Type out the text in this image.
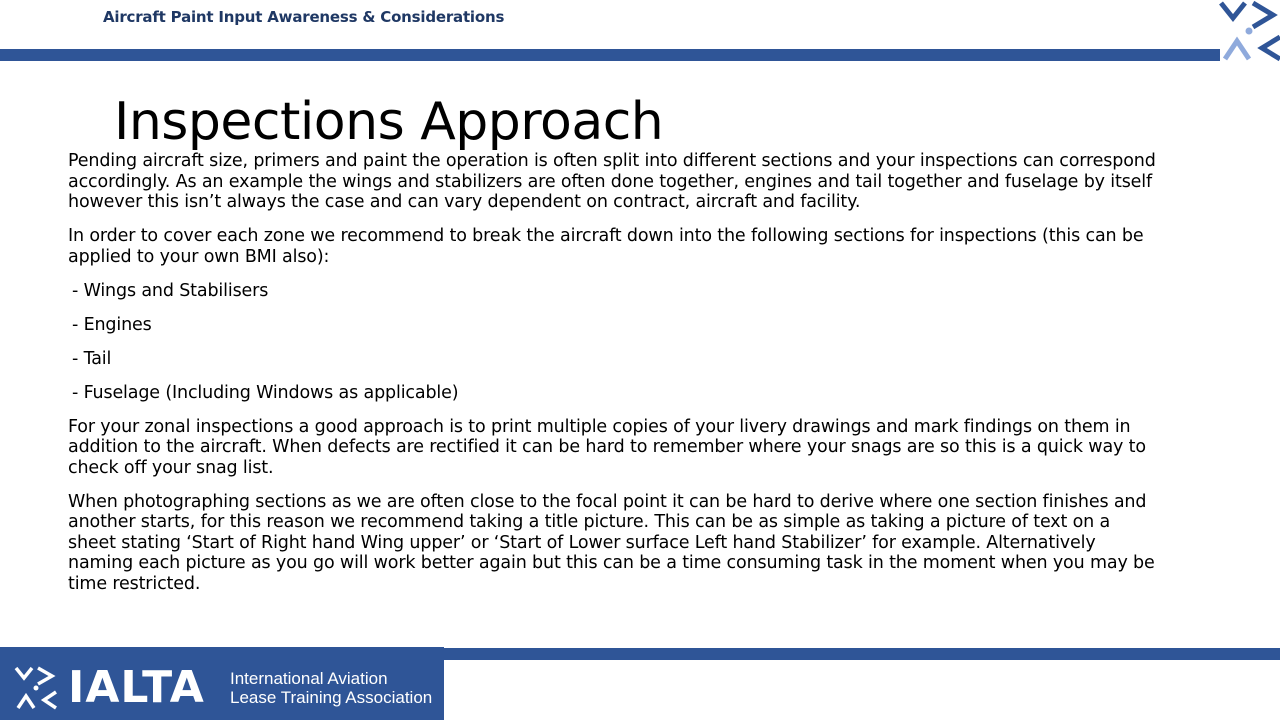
Aircraft Paint Input Awareness & Considerations
Inspections Approach

Pending aircraft size, primers and paint the operation is often split into different sections and your inspections can correspond accordingly. As an example the wings and stabilizers are often done together, engines and tail together and fuselage by itself however this isn’t always the case and can vary dependent on contract, aircraft and facility.

In order to cover each zone we recommend to break the aircraft down into the following sections for inspections (this can be applied to your own BMI also):

- Wings and Stabilisers

- Engines

- Tail

- Fuselage (Including Windows as applicable)

For your zonal inspections a good approach is to print multiple copies of your livery drawings and mark findings on them in addition to the aircraft. When defects are rectified it can be hard to remember where your snags are so this is a quick way to check off your snag list.

When photographing sections as we are often close to the focal point it can be hard to derive where one section finishes and another starts, for this reason we recommend taking a title picture. This can be as simple as taking a picture of text on a sheet stating ‘Start of Right hand Wing upper’ or ‘Start of Lower surface Left hand Stabilizer’ for example. Alternatively naming each picture as you go will work better again but this can be a time consuming task in the moment when you may be time restricted.

IALTA International Aviation
Lease Training Association
